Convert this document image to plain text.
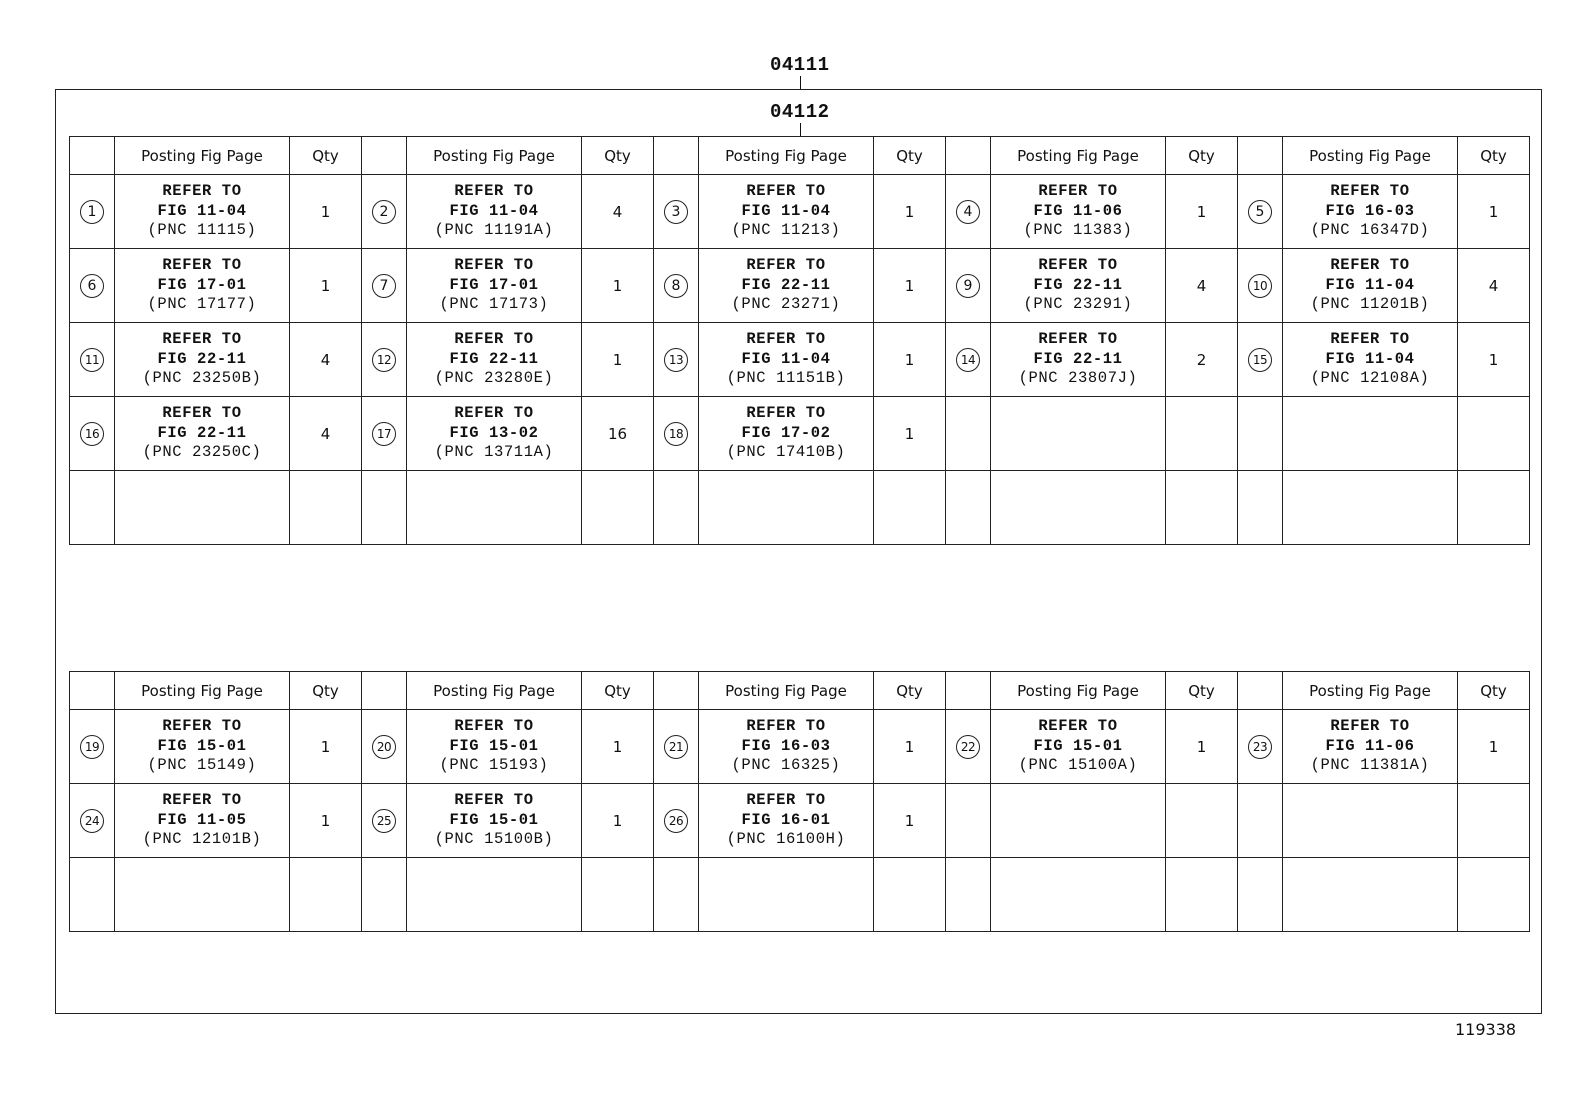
04111
04112
	Posting Fig Page	Qty		Posting Fig Page	Qty		Posting Fig Page	Qty		Posting Fig Page	Qty		Posting Fig Page	Qty
1	REFER TO
FIG 11-04
(PNC 11115)	1	2	REFER TO
FIG 11-04
(PNC 11191A)	4	3	REFER TO
FIG 11-04
(PNC 11213)	1	4	REFER TO
FIG 11-06
(PNC 11383)	1	5	REFER TO
FIG 16-03
(PNC 16347D)	1
6	REFER TO
FIG 17-01
(PNC 17177)	1	7	REFER TO
FIG 17-01
(PNC 17173)	1	8	REFER TO
FIG 22-11
(PNC 23271)	1	9	REFER TO
FIG 22-11
(PNC 23291)	4	10	REFER TO
FIG 11-04
(PNC 11201B)	4
11	REFER TO
FIG 22-11
(PNC 23250B)	4	12	REFER TO
FIG 22-11
(PNC 23280E)	1	13	REFER TO
FIG 11-04
(PNC 11151B)	1	14	REFER TO
FIG 22-11
(PNC 23807J)	2	15	REFER TO
FIG 11-04
(PNC 12108A)	1
16	REFER TO
FIG 22-11
(PNC 23250C)	4	17	REFER TO
FIG 13-02
(PNC 13711A)	16	18	REFER TO
FIG 17-02
(PNC 17410B)	1						

	Posting Fig Page	Qty		Posting Fig Page	Qty		Posting Fig Page	Qty		Posting Fig Page	Qty		Posting Fig Page	Qty
19	REFER TO
FIG 15-01
(PNC 15149)	1	20	REFER TO
FIG 15-01
(PNC 15193)	1	21	REFER TO
FIG 16-03
(PNC 16325)	1	22	REFER TO
FIG 15-01
(PNC 15100A)	1	23	REFER TO
FIG 11-06
(PNC 11381A)	1
24	REFER TO
FIG 11-05
(PNC 12101B)	1	25	REFER TO
FIG 15-01
(PNC 15100B)	1	26	REFER TO
FIG 16-01
(PNC 16100H)	1						

119338
